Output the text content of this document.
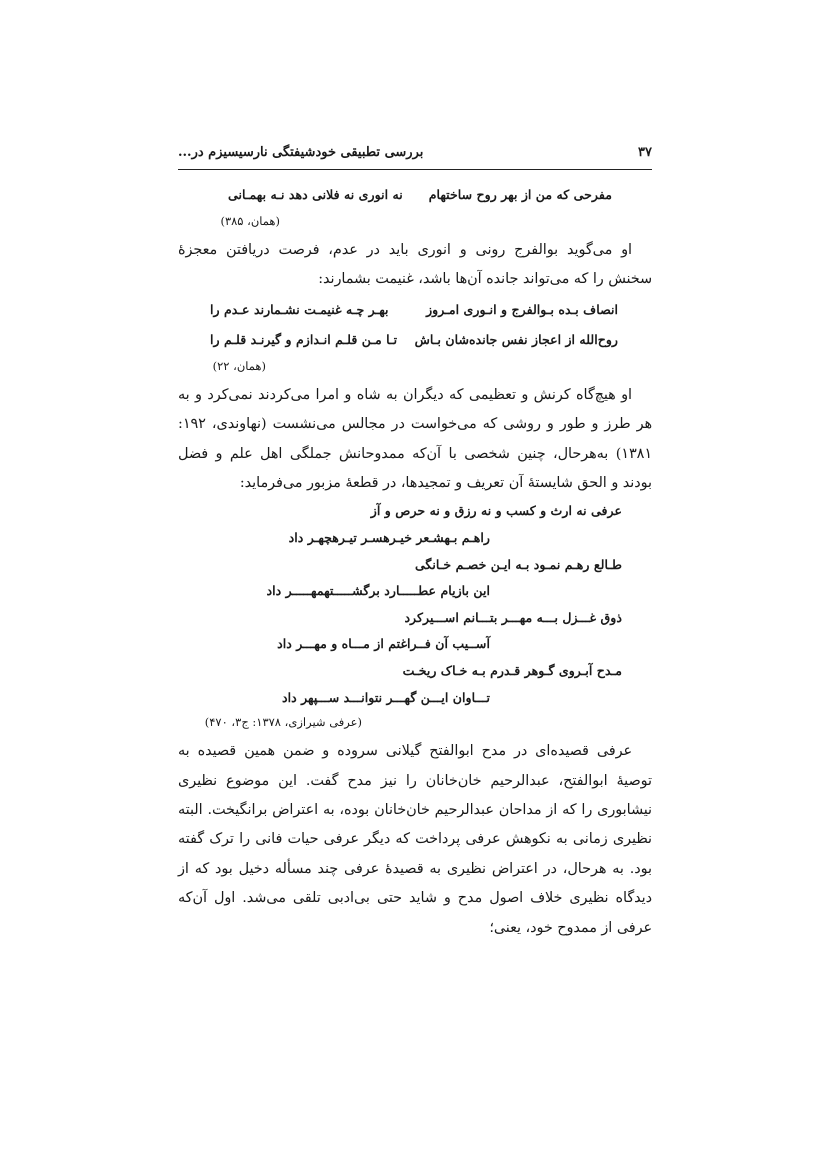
۳۷
بررسی تطبیقی خودشیفتگی نارسیسیزم در...
مفرحی که من از بهر روح ساختهام
نه انوری نه فلانی دهد نـه بهمـانی
(همان، ۳۸۵)

او می‌گوید بوالفرج رونی و انوری باید در عدم، فرصت دریافتن معجزهٔ سخنش را که می‌تواند جانده آن‌ها باشد، غنیمت بشمارند:

انصاف بـده بـوالفرج و انـوری امـروز
بهـر چـه غنیمـت نشـمارند عـدم را
روح‌الله از اعجاز نفس جانده‌شان بـاش
تـا مـن قلـم انـدازم و گیرنـد قلـم را
(همان، ۲۲)

او هیچ‌گاه کرنش و تعظیمی که دیگران به شاه و امرا می‌کردند نمی‌کرد و به هر طرز و طور و روشی که می‌خواست در مجالس می‌نشست (نهاوندی، ۱۹۲: ۱۳۸۱) به‌هرحال، چنین شخصی با آن‌که ممدوحانش جملگی اهل علم و فضل بودند و الحق شایستهٔ آن تعریف و تمجیدها، در قطعهٔ مزبور می‌فرماید:

عرفی نه ارث و کسب و نه رزق و نه حرص و آز
راهـم بـهشـعر خیـرهسـر تیـرهچهـر داد
طـالع رهـم نمـود بـه ایـن خصـم خـانگی
این بازیام عطـــــارد برگشـــــتهمهـــــر داد
ذوق غـــزل بـــه مهـــر بتـــانم اســـیرکرد
آســیب آن فــراغتم از مـــاه و مهـــر داد
مـدح آبـروی گـوهر قـدرم بـه خـاک ریخـت
تـــاوان ایـــن گهـــر نتوانـــد ســـپهر داد
(عرفی شیرازی، ۱۳۷۸: ج۳، ۴۷۰)

عرفی قصیده‌ای در مدح ابوالفتح گیلانی سروده و ضمن همین قصیده به توصیهٔ ابوالفتح، عبدالرحیم خان‌خانان را نیز مدح گفت. این موضوع نظیری نیشابوری را که از مداحان عبدالرحیم خان‌خانان بوده، به اعتراض برانگیخت. البته نظیری زمانی به نکوهش عرفی پرداخت که دیگر عرفی حیات فانی را ترک گفته بود. به هرحال، در اعتراض نظیری به قصیدهٔ عرفی چند مسأله دخیل بود که از دیدگاه نظیری خلاف اصول مدح و شاید حتی بی‌ادبی تلقی می‌شد. اول آن‌که عرفی از ممدوح خود، یعنی؛
